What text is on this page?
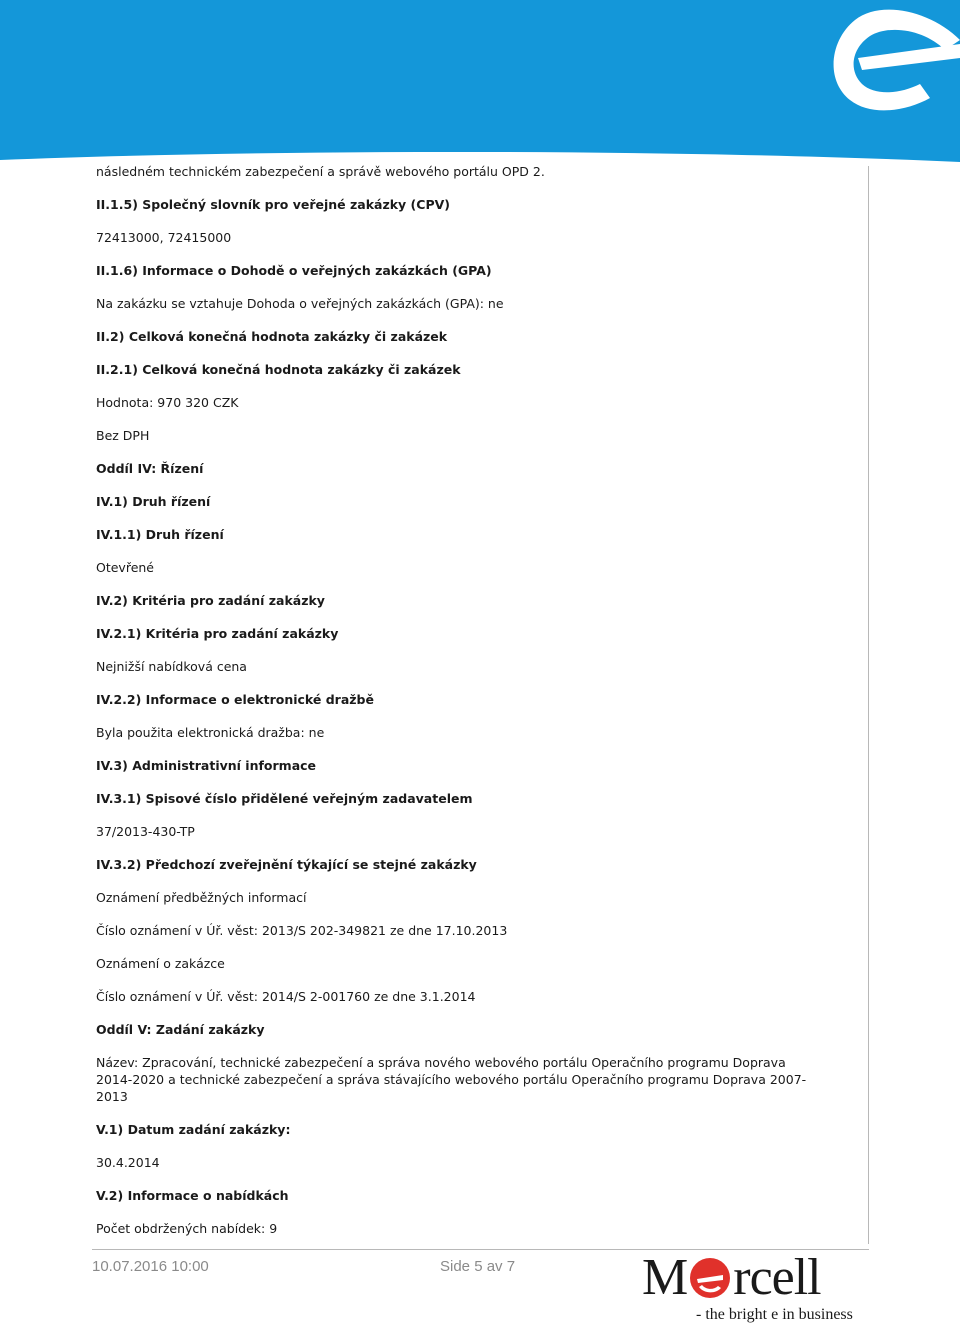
následném technickém zabezpečení a správě webového portálu OPD 2.

II.1.5) Společný slovník pro veřejné zakázky (CPV)

72413000, 72415000

II.1.6) Informace o Dohodě o veřejných zakázkách (GPA)

Na zakázku se vztahuje Dohoda o veřejných zakázkách (GPA): ne

II.2) Celková konečná hodnota zakázky či zakázek

II.2.1) Celková konečná hodnota zakázky či zakázek

Hodnota: 970 320 CZK

Bez DPH

Oddíl IV: Řízení

IV.1) Druh řízení

IV.1.1) Druh řízení

Otevřené

IV.2) Kritéria pro zadání zakázky

IV.2.1) Kritéria pro zadání zakázky

Nejnižší nabídková cena

IV.2.2) Informace o elektronické dražbě

Byla použita elektronická dražba: ne

IV.3) Administrativní informace

IV.3.1) Spisové číslo přidělené veřejným zadavatelem

37/2013-430-TP

IV.3.2) Předchozí zveřejnění týkající se stejné zakázky

Oznámení předběžných informací

Číslo oznámení v Úř. věst: 2013/S 202-349821 ze dne 17.10.2013

Oznámení o zakázce

Číslo oznámení v Úř. věst: 2014/S 2-001760 ze dne 3.1.2014

Oddíl V: Zadání zakázky

Název: Zpracování, technické zabezpečení a správa nového webového portálu Operačního programu Doprava 2014-2020 a technické zabezpečení a správa stávajícího webového portálu Operačního programu Doprava 2007-2013

V.1) Datum zadání zakázky:

30.4.2014

V.2) Informace o nabídkách

Počet obdržených nabídek: 9

10.07.2016 10:00	Side 5 av 7 M rcell
- the bright e in business
